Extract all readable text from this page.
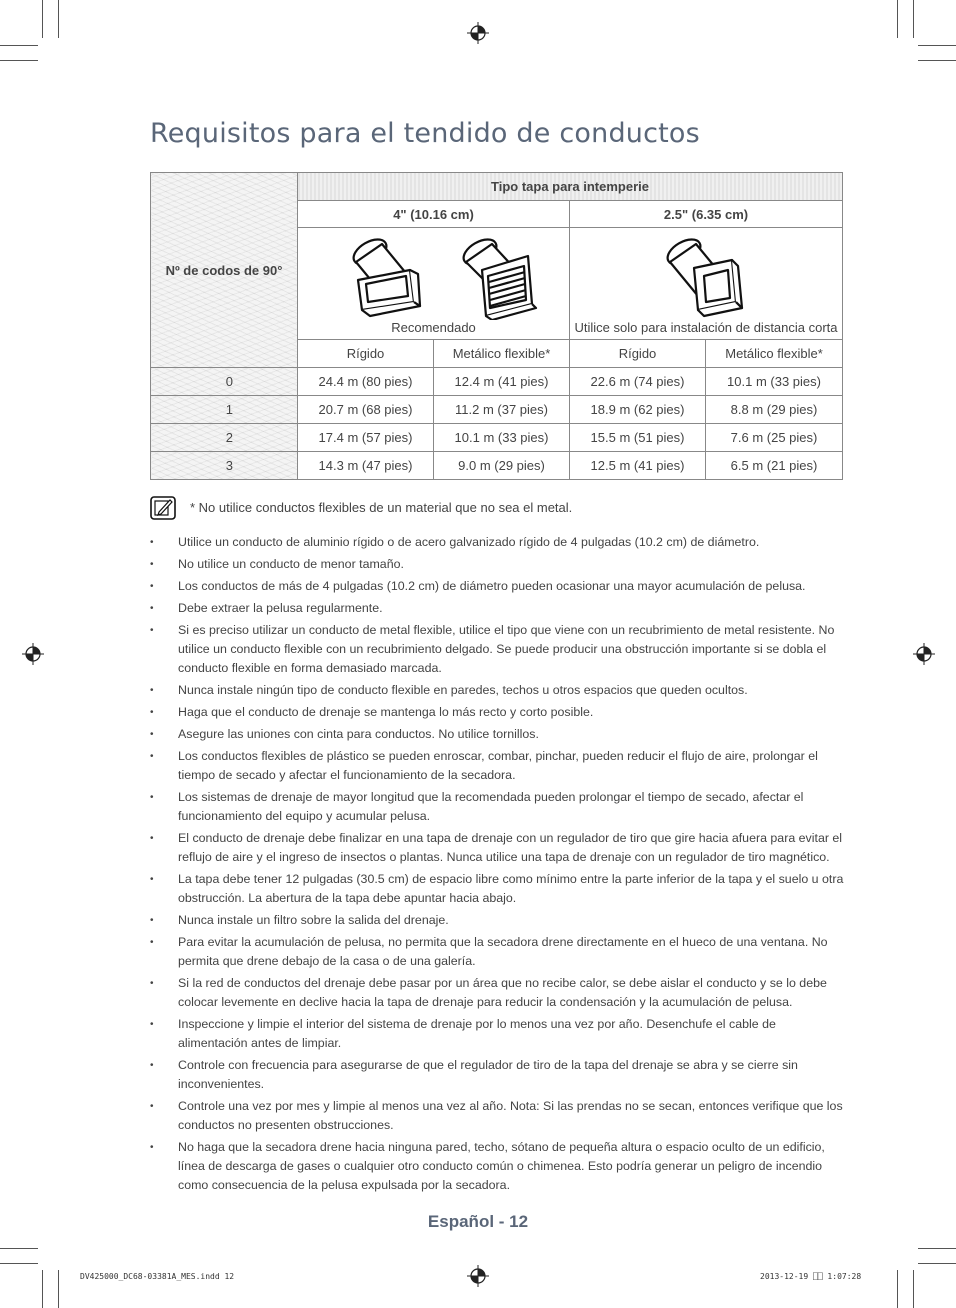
Requisitos para el tendido de conductos
Nº de codos de 90°	Tipo tapa para intemperie			
	4" (10.16 cm)		2.5" (6.35 cm)	

	Recomendado		Utilice solo para instalación de distancia corta	

	Rígido	Metálico flexible*	Rígido	Metálico flexible*
0	24.4 m (80 pies)	12.4 m (41 pies)	22.6 m (74 pies)	10.1 m (33 pies)
1	20.7 m (68 pies)	11.2 m (37 pies)	18.9 m (62 pies)	8.8 m (29 pies)
2	17.4 m (57 pies)	10.1 m (33 pies)	15.5 m (51 pies)	7.6 m (25 pies)
3	14.3 m (47 pies)	9.0 m (29 pies)	12.5 m (41 pies)	6.5 m (21 pies)
* No utilice conductos flexibles de un material que no sea el metal.
• Utilice un conducto de aluminio rígido o de acero galvanizado rígido de 4 pulgadas (10.2 cm) de diámetro.
• No utilice un conducto de menor tamaño.
• Los conductos de más de 4 pulgadas (10.2 cm) de diámetro pueden ocasionar una mayor acumulación de pelusa.
• Debe extraer la pelusa regularmente.
• Si es preciso utilizar un conducto de metal flexible, utilice el tipo que viene con un recubrimiento de metal resistente. No utilice un conducto flexible con un recubrimiento delgado. Se puede producir una obstrucción importante si se dobla el conducto flexible en forma demasiado marcada.
• Nunca instale ningún tipo de conducto flexible en paredes, techos u otros espacios que queden ocultos.
• Haga que el conducto de drenaje se mantenga lo más recto y corto posible.
• Asegure las uniones con cinta para conductos. No utilice tornillos.
• Los conductos flexibles de plástico se pueden enroscar, combar, pinchar, pueden reducir el flujo de aire, prolongar el tiempo de secado y afectar el funcionamiento de la secadora.
• Los sistemas de drenaje de mayor longitud que la recomendada pueden prolongar el tiempo de secado, afectar el funcionamiento del equipo y acumular pelusa.
• El conducto de drenaje debe finalizar en una tapa de drenaje con un regulador de tiro que gire hacia afuera para evitar el reflujo de aire y el ingreso de insectos o plantas. Nunca utilice una tapa de drenaje con un regulador de tiro magnético.
• La tapa debe tener 12 pulgadas (30.5 cm) de espacio libre como mínimo entre la parte inferior de la tapa y el suelo u otra obstrucción. La abertura de la tapa debe apuntar hacia abajo.
• Nunca instale un filtro sobre la salida del drenaje.
• Para evitar la acumulación de pelusa, no permita que la secadora drene directamente en el hueco de una ventana. No permita que drene debajo de la casa o de una galería.
• Si la red de conductos del drenaje debe pasar por un área que no recibe calor, se debe aislar el conducto y se lo debe colocar levemente en declive hacia la tapa de drenaje para reducir la condensación y la acumulación de pelusa.
• Inspeccione y limpie el interior del sistema de drenaje por lo menos una vez por año. Desenchufe el cable de alimentación antes de limpiar.
• Controle con frecuencia para asegurarse de que el regulador de tiro de la tapa del drenaje se abra y se cierre sin inconvenientes.
• Controle una vez por mes y limpie al menos una vez al año. Nota: Si las prendas no se secan, entonces verifique que los conductos no presenten obstrucciones.
• No haga que la secadora drene hacia ninguna pared, techo, sótano de pequeña altura o espacio oculto de un edificio, línea de descarga de gases o cualquier otro conducto común o chimenea. Esto podría generar un peligro de incendio como consecuencia de la pelusa expulsada por la secadora.
Español - 12
DV425000_DC68-03381A_MES.indd 12	2013-12-19 ⎕⎕ 1:07:28
